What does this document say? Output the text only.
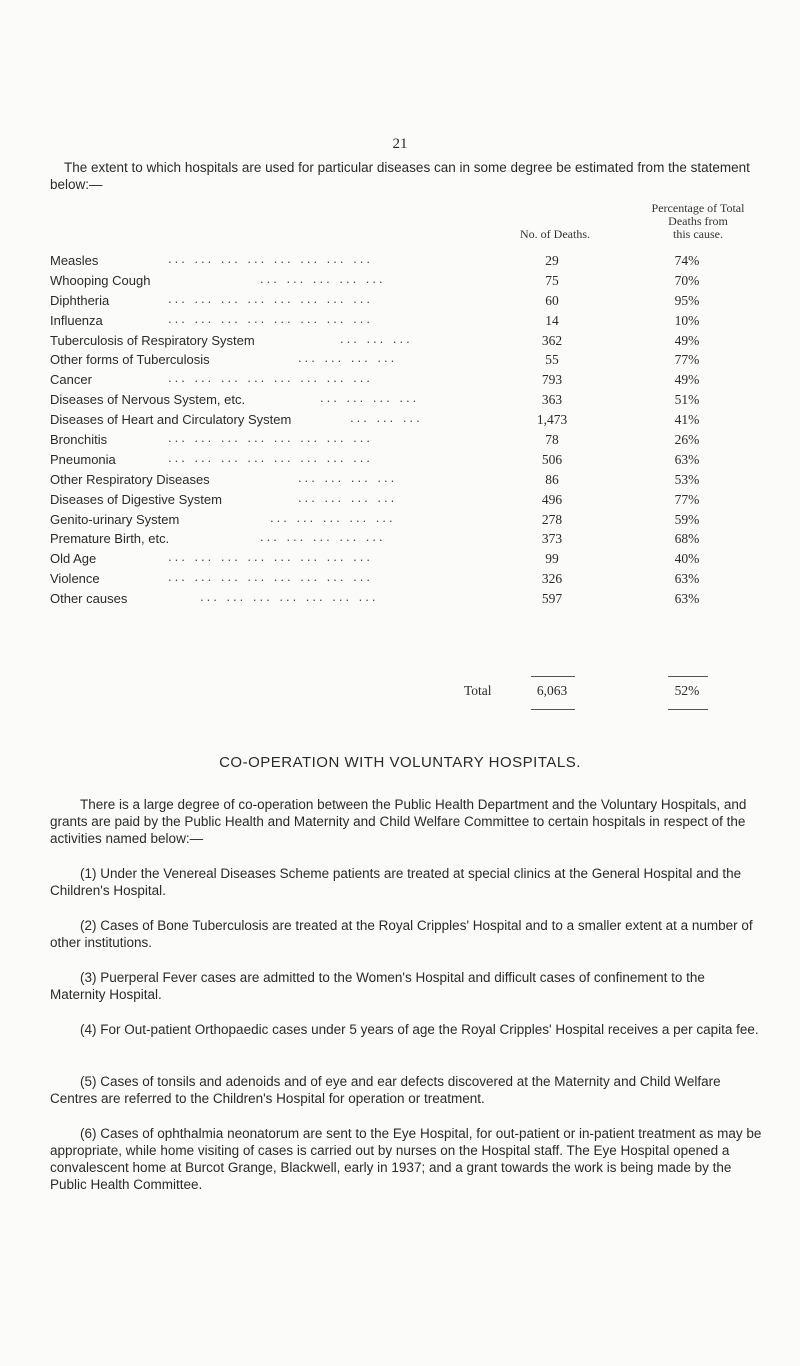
21

The extent to which hospitals are used for particular diseases can in some degree be estimated from the statement below:—

No. of Deaths.
Percentage of Total
Deaths from
this cause.
Measles	... ... ... ... ... ... ... ...	29	74%
Whooping Cough	... ... ... ... ...	75	70%
Diphtheria	... ... ... ... ... ... ... ...	60	95%
Influenza	... ... ... ... ... ... ... ...	14	10%
Tuberculosis of Respiratory System	... ... ...	362	49%
Other forms of Tuberculosis	... ... ... ...	55	77%
Cancer	... ... ... ... ... ... ... ...	793	49%
Diseases of Nervous System, etc.	... ... ... ...	363	51%
Diseases of Heart and Circulatory System	... ... ...	1,473	41%
Bronchitis	... ... ... ... ... ... ... ...	78	26%
Pneumonia	... ... ... ... ... ... ... ...	506	63%
Other Respiratory Diseases	... ... ... ...	86	53%
Diseases of Digestive System	... ... ... ...	496	77%
Genito-urinary System	... ... ... ... ...	278	59%
Premature Birth, etc.	... ... ... ... ...	373	68%
Old Age	... ... ... ... ... ... ... ...	99	40%
Violence	... ... ... ... ... ... ... ...	326	63%
Other causes	... ... ... ... ... ... ...	597	63%
Total	6,063	52%
CO-OPERATION WITH VOLUNTARY HOSPITALS.

There is a large degree of co-operation between the Public Health Department and the Voluntary Hospitals, and grants are paid by the Public Health and Maternity and Child Welfare Committee to certain hospitals in respect of the activities named below:—

(1) Under the Venereal Diseases Scheme patients are treated at special clinics at the General Hospital and the Children's Hospital.

(2) Cases of Bone Tuberculosis are treated at the Royal Cripples' Hospital and to a smaller extent at a number of other institutions.

(3) Puerperal Fever cases are admitted to the Women's Hospital and difficult cases of confinement to the Maternity Hospital.

(4) For Out-patient Orthopaedic cases under 5 years of age the Royal Cripples' Hospital receives a per capita fee.

(5) Cases of tonsils and adenoids and of eye and ear defects discovered at the Maternity and Child Welfare Centres are referred to the Children's Hospital for operation or treatment.

(6) Cases of ophthalmia neonatorum are sent to the Eye Hospital, for out-patient or in-patient treatment as may be appropriate, while home visiting of cases is carried out by nurses on the Hospital staff. The Eye Hospital opened a convalescent home at Burcot Grange, Blackwell, early in 1937; and a grant towards the work is being made by the Public Health Committee.
